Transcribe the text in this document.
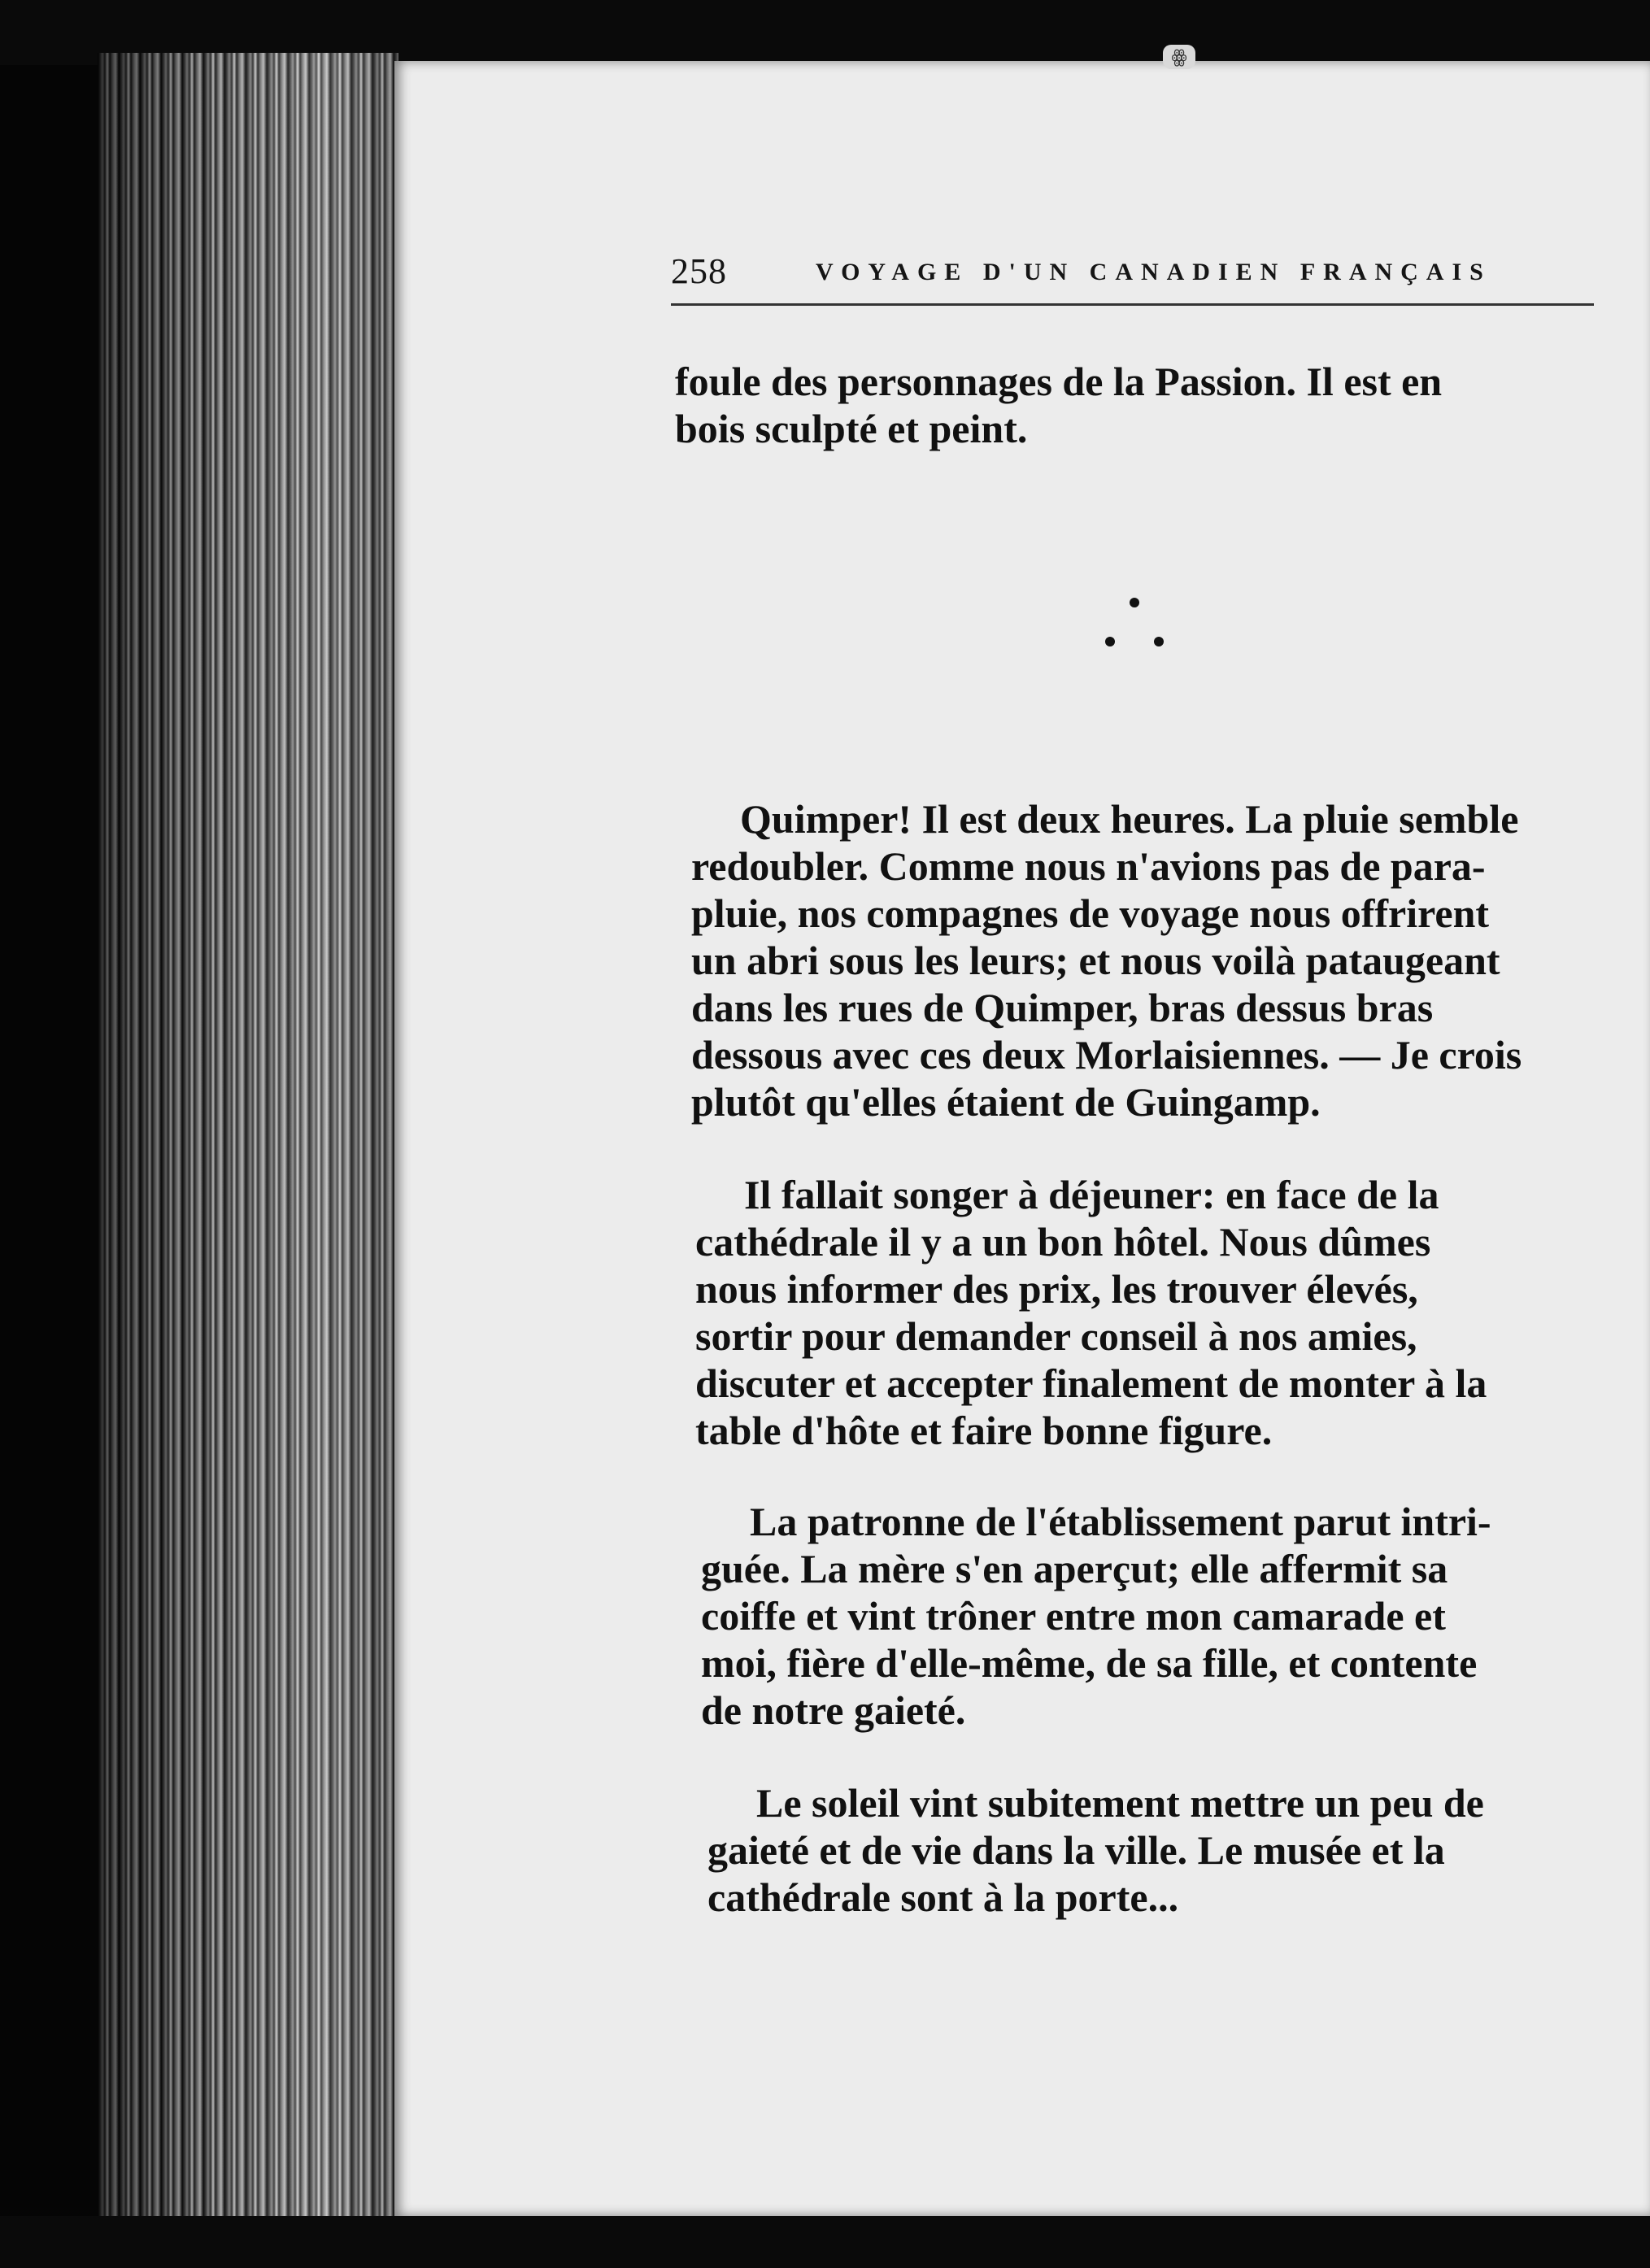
ꙮ
258	VOYAGE D'UN CANADIEN FRANÇAIS

foule des personnages de la Passion. Il est en
bois sculpté et peint.

Quimper! Il est deux heures. La pluie semble
redoubler. Comme nous n'avions pas de para-
pluie, nos compagnes de voyage nous offrirent
un abri sous les leurs; et nous voilà pataugeant
dans les rues de Quimper, bras dessus bras
dessous avec ces deux Morlaisiennes. — Je crois
plutôt qu'elles étaient de Guingamp.

Il fallait songer à déjeuner: en face de la
cathédrale il y a un bon hôtel. Nous dûmes
nous informer des prix, les trouver élevés,
sortir pour demander conseil à nos amies,
discuter et accepter finalement de monter à la
table d'hôte et faire bonne figure.

La patronne de l'établissement parut intri-
guée. La mère s'en aperçut; elle affermit sa
coiffe et vint trôner entre mon camarade et
moi, fière d'elle-même, de sa fille, et contente
de notre gaieté.

Le soleil vint subitement mettre un peu de
gaieté et de vie dans la ville. Le musée et la
cathédrale sont à la porte...
